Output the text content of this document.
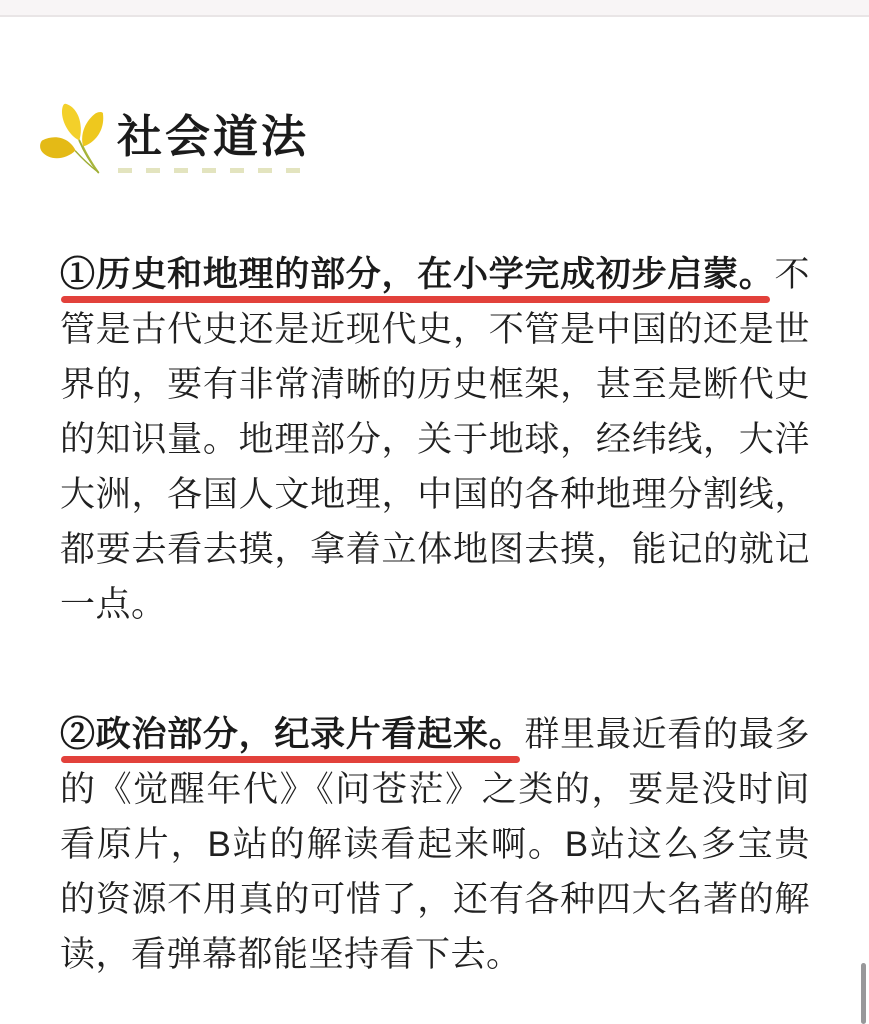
社会道法

①历史和地理的部分，在小学完成初步启蒙。不管是古代史还是近现代史，不管是中国的还是世界的，要有非常清晰的历史框架，甚至是断代史的知识量。地理部分，关于地球，经纬线，大洋大洲，各国人文地理，中国的各种地理分割线，都要去看去摸，拿着立体地图去摸，能记的就记一点。

②政治部分，纪录片看起来。群里最近看的最多的《觉醒年代》《问苍茫》之类的，要是没时间看原片，B站的解读看起来啊。B站这么多宝贵的资源不用真的可惜了，还有各种四大名著的解读，看弹幕都能坚持看下去。
